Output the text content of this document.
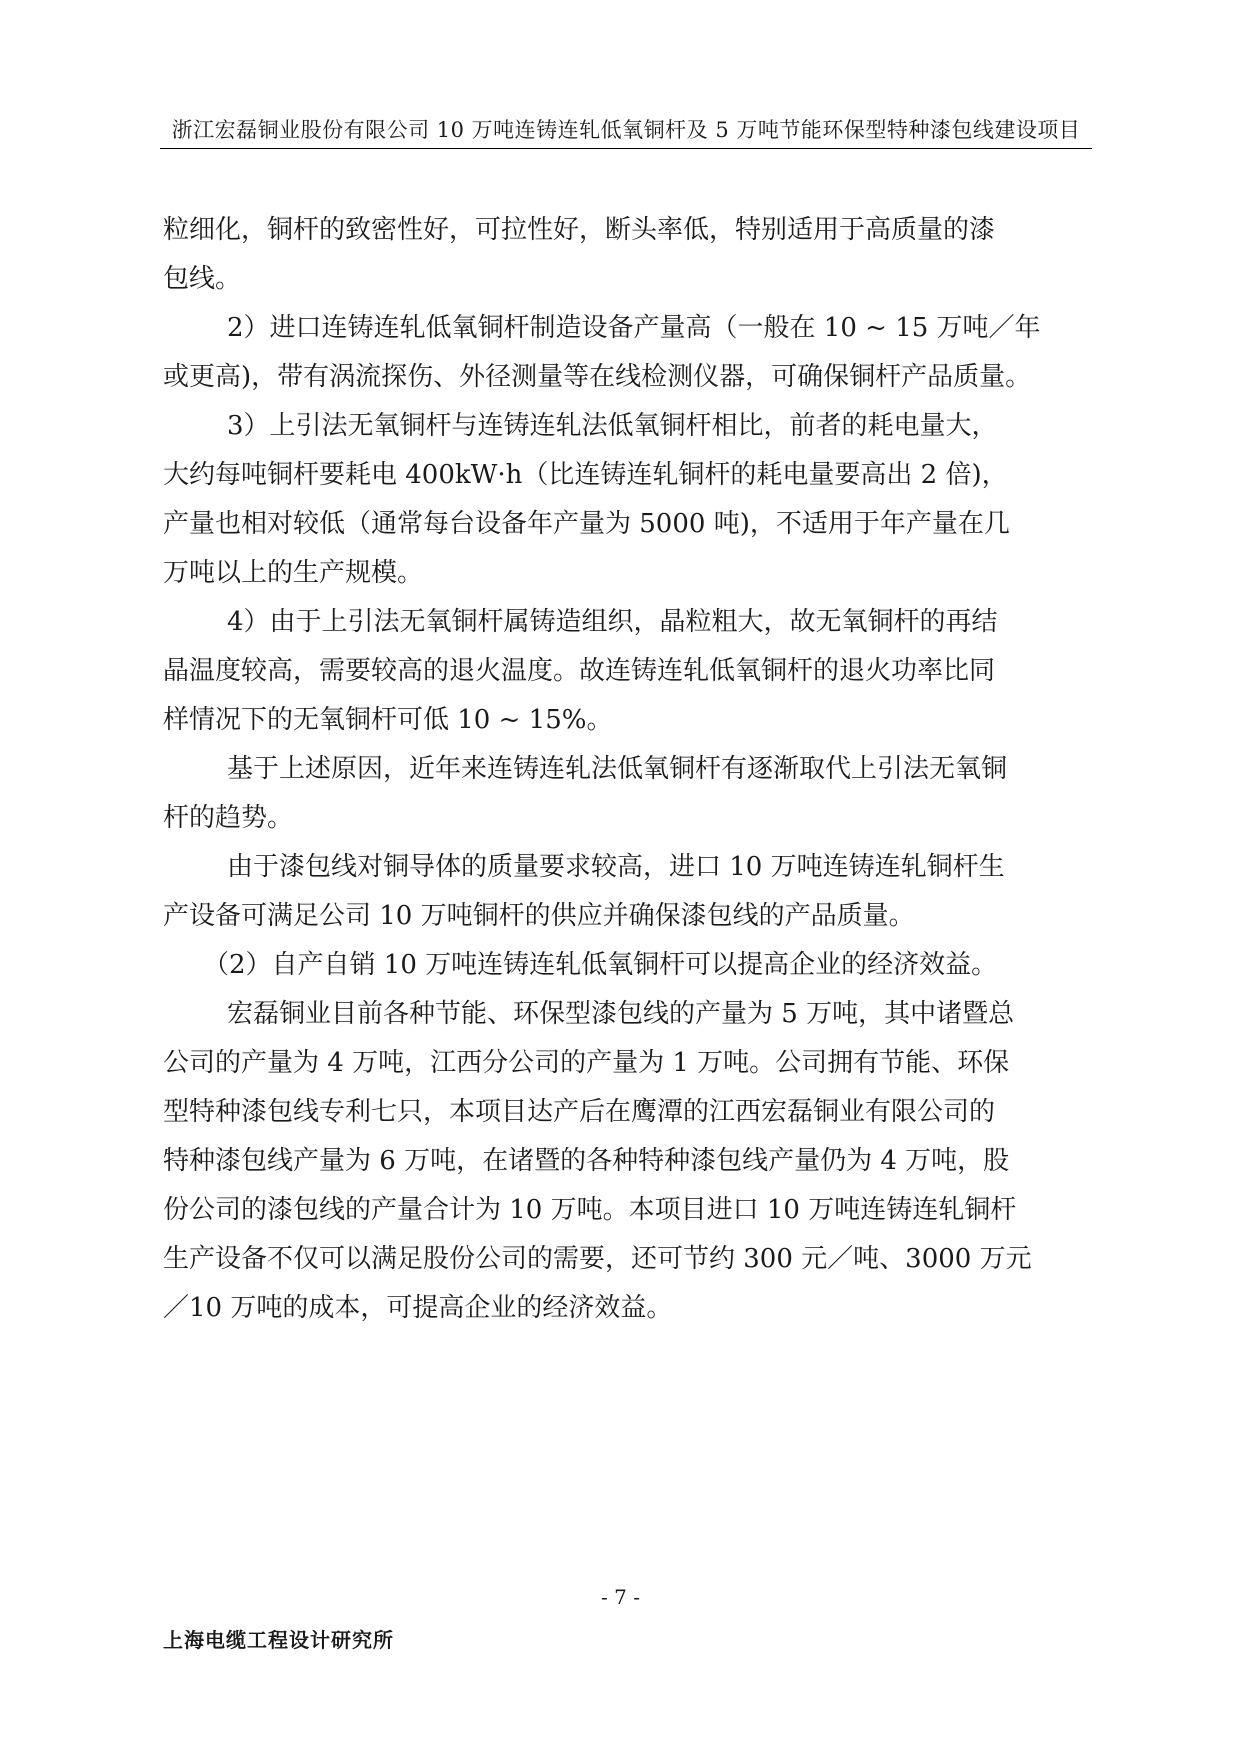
浙江宏磊铜业股份有限公司 10 万吨连铸连轧低氧铜杆及 5 万吨节能环保型特种漆包线建设项目
粒细化，铜杆的致密性好，可拉性好，断头率低，特别适用于高质量的漆
包线。
2）进口连铸连轧低氧铜杆制造设备产量高（一般在 10 ~ 15 万吨／年
或更高)，带有涡流探伤、外径测量等在线检测仪器，可确保铜杆产品质量。
3）上引法无氧铜杆与连铸连轧法低氧铜杆相比，前者的耗电量大，
大约每吨铜杆要耗电 400kW·h（比连铸连轧铜杆的耗电量要高出 2 倍)，
产量也相对较低（通常每台设备年产量为 5000 吨)，不适用于年产量在几
万吨以上的生产规模。
4）由于上引法无氧铜杆属铸造组织，晶粒粗大，故无氧铜杆的再结
晶温度较高，需要较高的退火温度。故连铸连轧低氧铜杆的退火功率比同
样情况下的无氧铜杆可低 10 ~ 15%。
基于上述原因，近年来连铸连轧法低氧铜杆有逐渐取代上引法无氧铜
杆的趋势。
由于漆包线对铜导体的质量要求较高，进口 10 万吨连铸连轧铜杆生
产设备可满足公司 10 万吨铜杆的供应并确保漆包线的产品质量。
（2）自产自销 10 万吨连铸连轧低氧铜杆可以提高企业的经济效益。
宏磊铜业目前各种节能、环保型漆包线的产量为 5 万吨，其中诸暨总
公司的产量为 4 万吨，江西分公司的产量为 1 万吨。公司拥有节能、环保
型特种漆包线专利七只，本项目达产后在鹰潭的江西宏磊铜业有限公司的
特种漆包线产量为 6 万吨，在诸暨的各种特种漆包线产量仍为 4 万吨，股
份公司的漆包线的产量合计为 10 万吨。本项目进口 10 万吨连铸连轧铜杆
生产设备不仅可以满足股份公司的需要，还可节约 300 元／吨、3000 万元
／10 万吨的成本，可提高企业的经济效益。
- 7 -
上海电缆工程设计研究所
